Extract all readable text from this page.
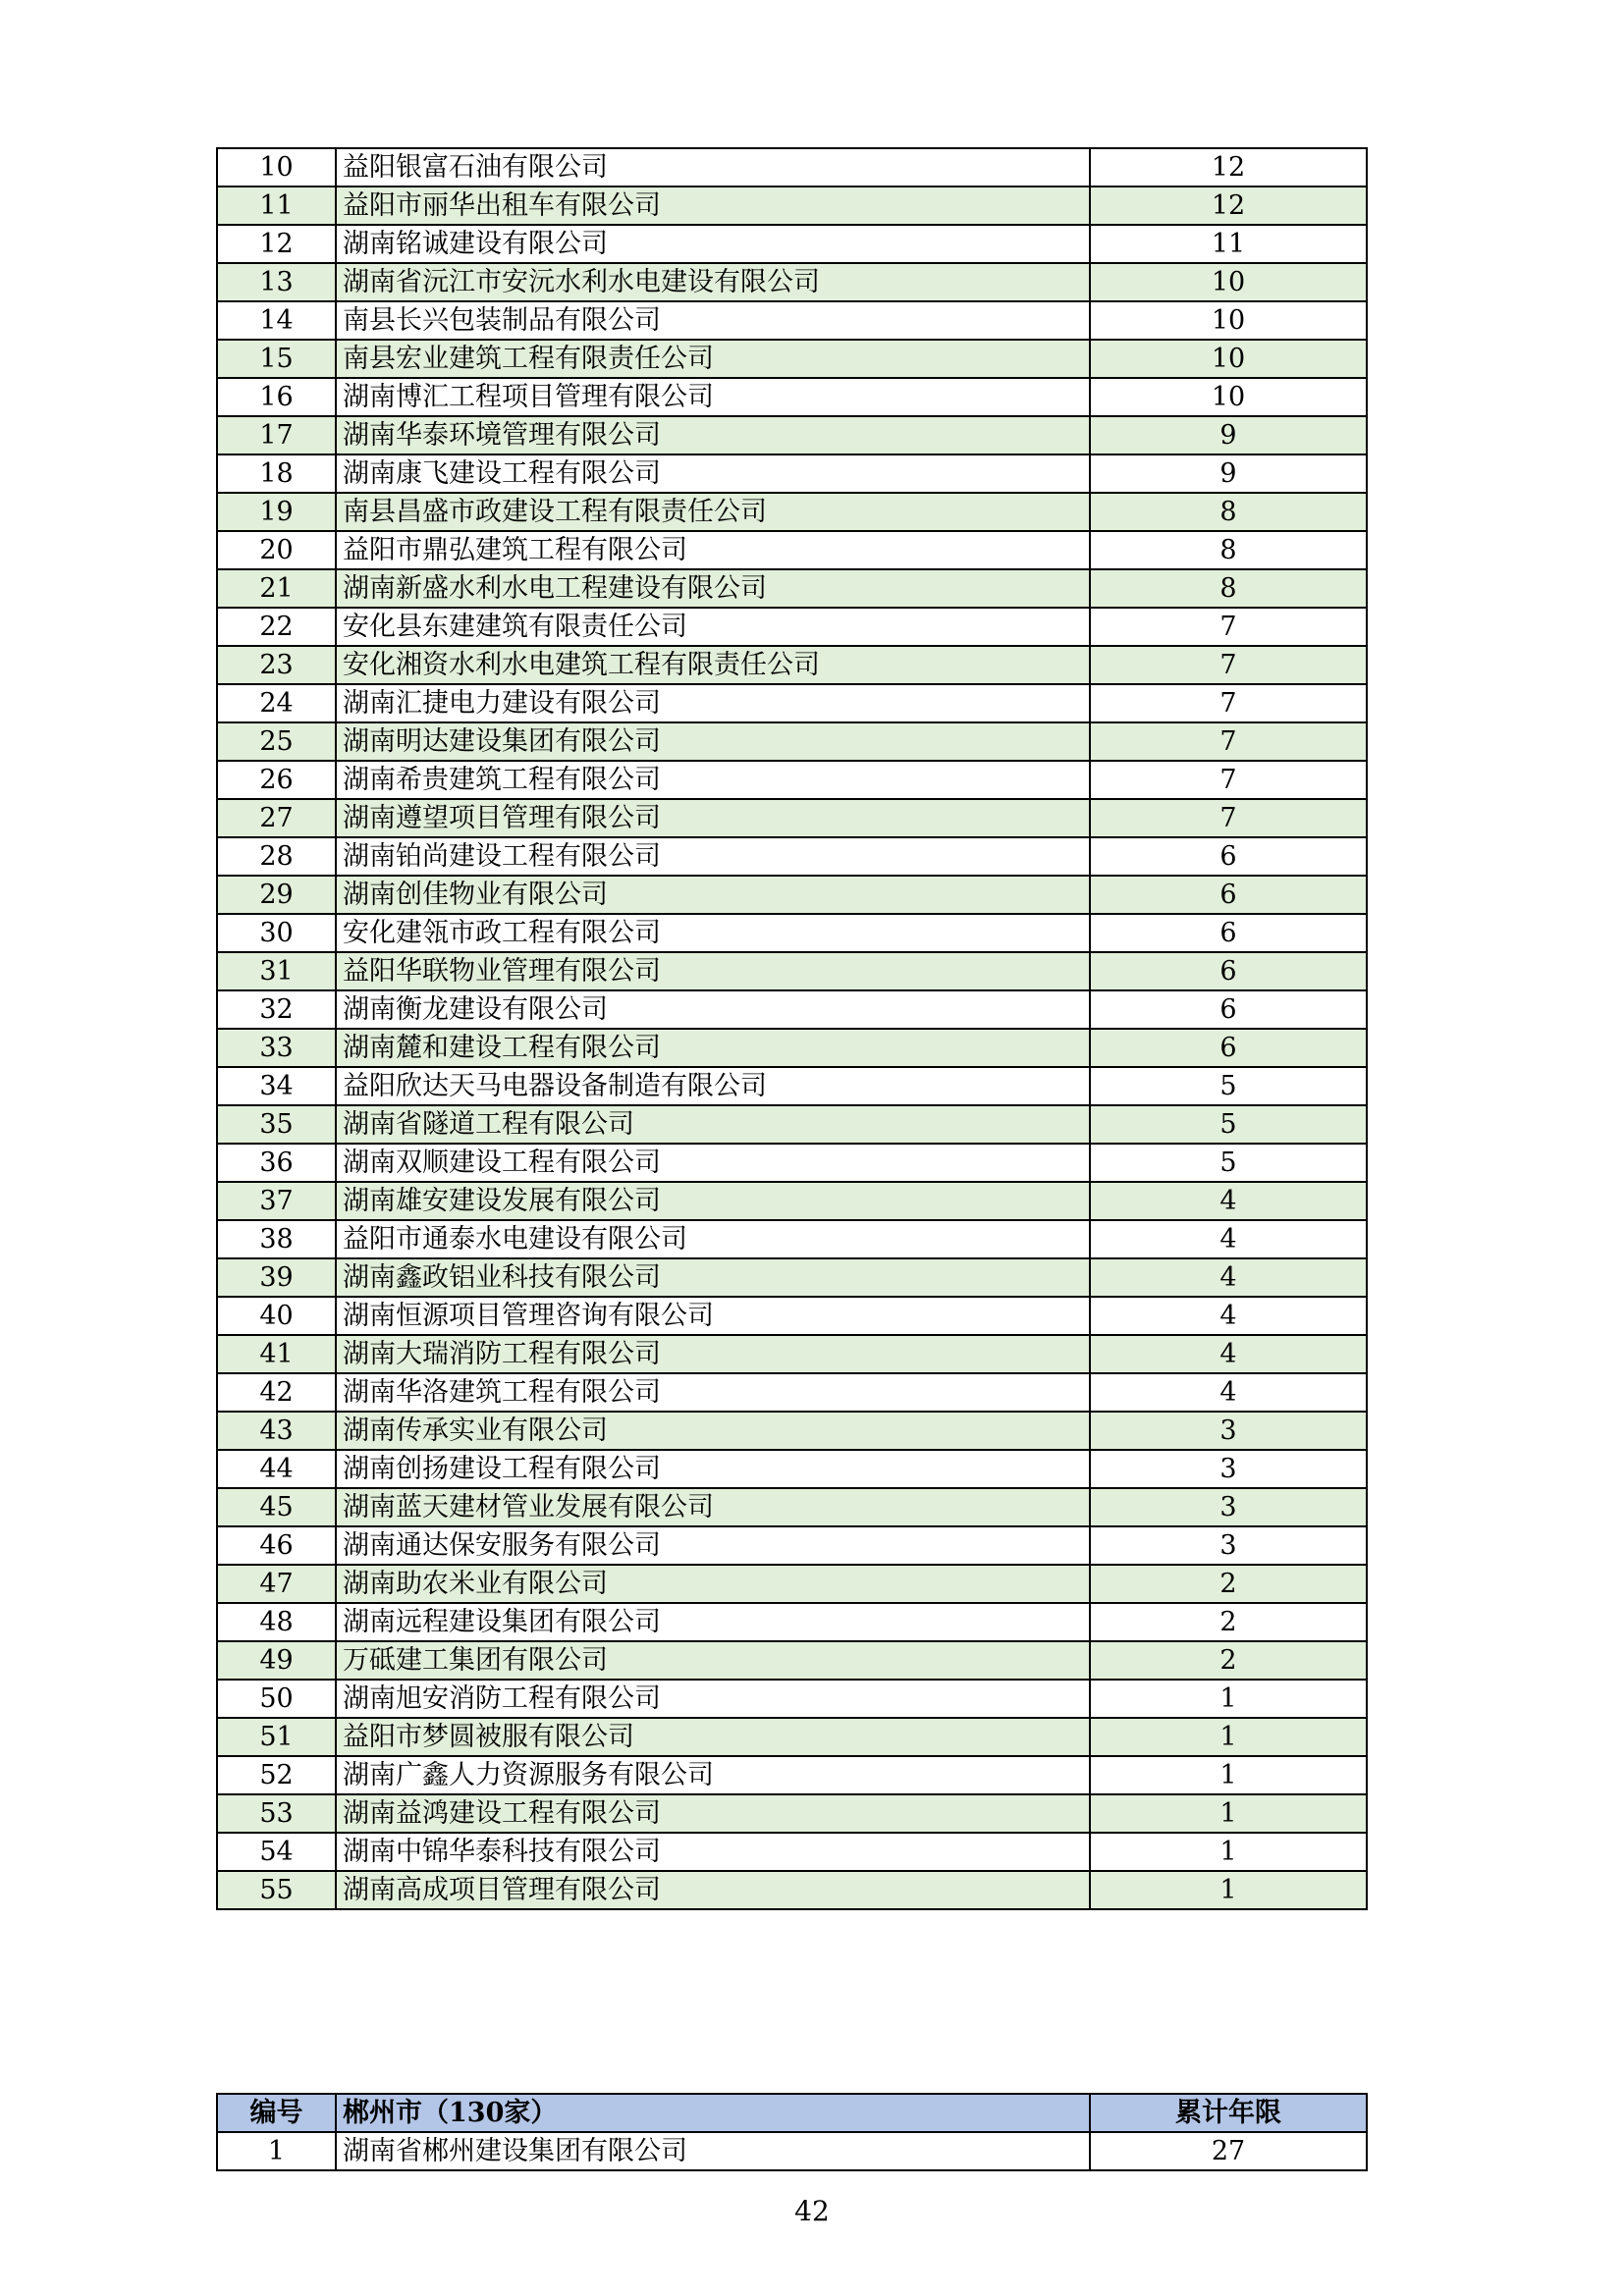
10	益阳银富石油有限公司	12
11	益阳市丽华出租车有限公司	12
12	湖南铭诚建设有限公司	11
13	湖南省沅江市安沅水利水电建设有限公司	10
14	南县长兴包装制品有限公司	10
15	南县宏业建筑工程有限责任公司	10
16	湖南博汇工程项目管理有限公司	10
17	湖南华泰环境管理有限公司	9
18	湖南康飞建设工程有限公司	9
19	南县昌盛市政建设工程有限责任公司	8
20	益阳市鼎弘建筑工程有限公司	8
21	湖南新盛水利水电工程建设有限公司	8
22	安化县东建建筑有限责任公司	7
23	安化湘资水利水电建筑工程有限责任公司	7
24	湖南汇捷电力建设有限公司	7
25	湖南明达建设集团有限公司	7
26	湖南希贵建筑工程有限公司	7
27	湖南遵望项目管理有限公司	7
28	湖南铂尚建设工程有限公司	6
29	湖南创佳物业有限公司	6
30	安化建瓴市政工程有限公司	6
31	益阳华联物业管理有限公司	6
32	湖南衡龙建设有限公司	6
33	湖南麓和建设工程有限公司	6
34	益阳欣达天马电器设备制造有限公司	5
35	湖南省隧道工程有限公司	5
36	湖南双顺建设工程有限公司	5
37	湖南雄安建设发展有限公司	4
38	益阳市通泰水电建设有限公司	4
39	湖南鑫政铝业科技有限公司	4
40	湖南恒源项目管理咨询有限公司	4
41	湖南大瑞消防工程有限公司	4
42	湖南华洛建筑工程有限公司	4
43	湖南传承实业有限公司	3
44	湖南创扬建设工程有限公司	3
45	湖南蓝天建材管业发展有限公司	3
46	湖南通达保安服务有限公司	3
47	湖南助农米业有限公司	2
48	湖南远程建设集团有限公司	2
49	万砥建工集团有限公司	2
50	湖南旭安消防工程有限公司	1
51	益阳市梦圆被服有限公司	1
52	湖南广鑫人力资源服务有限公司	1
53	湖南益鸿建设工程有限公司	1
54	湖南中锦华泰科技有限公司	1
55	湖南高成项目管理有限公司	1
编号	郴州市（130家）	累计年限
1	湖南省郴州建设集团有限公司	27
42
